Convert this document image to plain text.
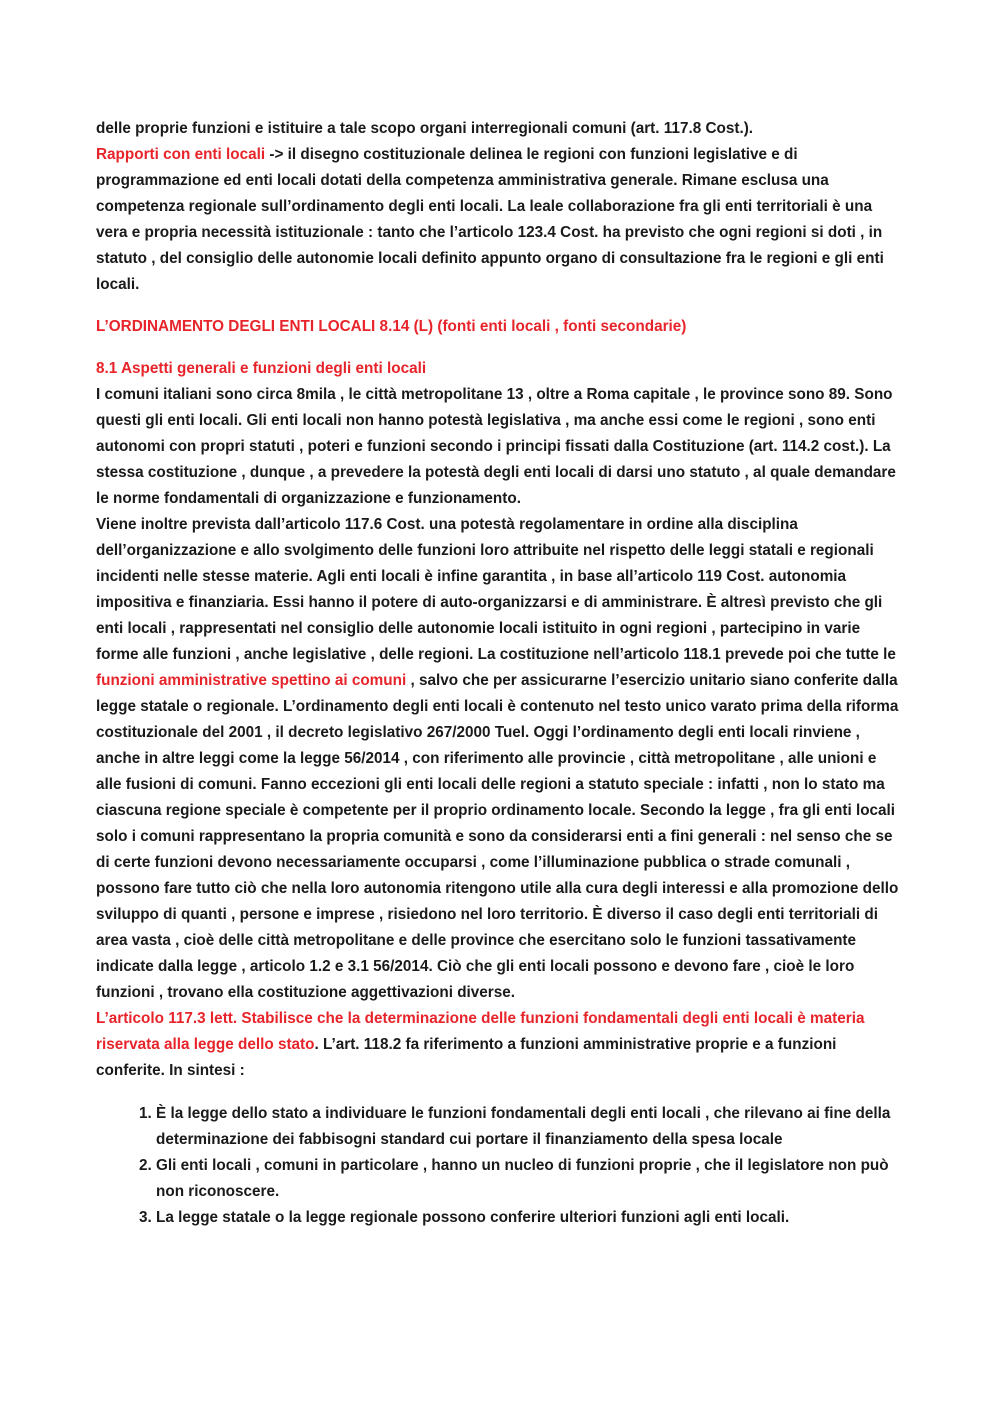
delle proprie funzioni e istituire a tale scopo organi interregionali comuni (art. 117.8 Cost.).

Rapporti con enti locali -> il disegno costituzionale delinea le regioni con funzioni legislative e di programmazione ed enti locali dotati della competenza amministrativa generale. Rimane esclusa una competenza regionale sull’ordinamento degli enti locali. La leale collaborazione fra gli enti territoriali è una vera e propria necessità istituzionale : tanto che l’articolo 123.4 Cost. ha previsto che ogni regioni si doti , in statuto , del consiglio delle autonomie locali definito appunto organo di consultazione fra le regioni e gli enti locali.

L’ORDINAMENTO DEGLI ENTI LOCALI 8.14 (L) (fonti enti locali , fonti secondarie)

8.1 Aspetti generali e funzioni degli enti locali

I comuni italiani sono circa 8mila , le città metropolitane 13 , oltre a Roma capitale , le province sono 89. Sono questi gli enti locali. Gli enti locali non hanno potestà legislativa , ma anche essi come le regioni , sono enti autonomi con propri statuti , poteri e funzioni secondo i principi fissati dalla Costituzione (art. 114.2 cost.). La stessa costituzione , dunque , a prevedere la potestà degli enti locali di darsi uno statuto , al quale demandare le norme fondamentali di organizzazione e funzionamento.

Viene inoltre prevista dall’articolo 117.6 Cost. una potestà regolamentare in ordine alla disciplina dell’organizzazione e allo svolgimento delle funzioni loro attribuite nel rispetto delle leggi statali e regionali incidenti nelle stesse materie. Agli enti locali è infine garantita , in base all’articolo 119 Cost. autonomia impositiva e finanziaria. Essi hanno il potere di auto-organizzarsi e di amministrare. È altresì previsto che gli enti locali , rappresentati nel consiglio delle autonomie locali istituito in ogni regioni , partecipino in varie forme alle funzioni , anche legislative , delle regioni. La costituzione nell’articolo 118.1 prevede poi che tutte le funzioni amministrative spettino ai comuni , salvo che per assicurarne l’esercizio unitario siano conferite dalla legge statale o regionale. L’ordinamento degli enti locali è contenuto nel testo unico varato prima della riforma costituzionale del 2001 , il decreto legislativo 267/2000 Tuel. Oggi l’ordinamento degli enti locali rinviene , anche in altre leggi come la legge 56/2014 , con riferimento alle provincie , città metropolitane , alle unioni e alle fusioni di comuni. Fanno eccezioni gli enti locali delle regioni a statuto speciale : infatti , non lo stato ma ciascuna regione speciale è competente per il proprio ordinamento locale. Secondo la legge , fra gli enti locali solo i comuni rappresentano la propria comunità e sono da considerarsi enti a fini generali : nel senso che se di certe funzioni devono necessariamente occuparsi , come l’illuminazione pubblica o strade comunali , possono fare tutto ciò che nella loro autonomia ritengono utile alla cura degli interessi e alla promozione dello sviluppo di quanti , persone e imprese , risiedono nel loro territorio. È diverso il caso degli enti territoriali di area vasta , cioè delle città metropolitane e delle province che esercitano solo le funzioni tassativamente indicate dalla legge , articolo 1.2 e 3.1 56/2014. Ciò che gli enti locali possono e devono fare , cioè le loro funzioni , trovano ella costituzione aggettivazioni diverse.

L’articolo 117.3 lett. Stabilisce che la determinazione delle funzioni fondamentali degli enti locali è materia riservata alla legge dello stato. L’art. 118.2 fa riferimento a funzioni amministrative proprie e a funzioni conferite. In sintesi :

1. È la legge dello stato a individuare le funzioni fondamentali degli enti locali , che rilevano ai fine della determinazione dei fabbisogni standard cui portare il finanziamento della spesa locale
2. Gli enti locali , comuni in particolare , hanno un nucleo di funzioni proprie , che il legislatore non può non riconoscere.
3. La legge statale o la legge regionale possono conferire ulteriori funzioni agli enti locali.
